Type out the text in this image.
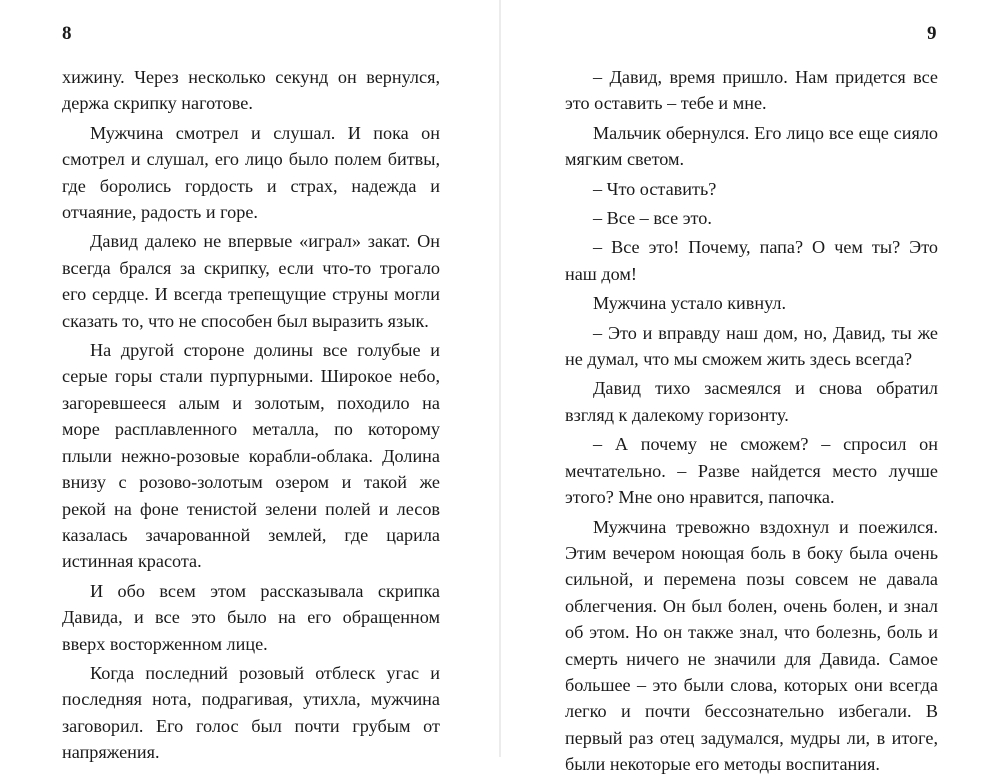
8

хижину. Через несколько секунд он вернулся, держа скрипку наготове.

Мужчина смотрел и слушал. И пока он смотрел и слушал, его лицо было полем битвы, где боролись гордость и страх, надежда и отчаяние, радость и горе.

Давид далеко не впервые «играл» закат. Он всегда брался за скрипку, если что-то трогало его сердце. И всегда трепещущие струны могли сказать то, что не способен был выразить язык.

На другой стороне долины все голубые и серые горы стали пурпурными. Широкое небо, загоревшееся алым и золотым, походило на море расплавленного металла, по которому плыли нежно-розовые корабли-облака. Долина внизу с розово-золотым озером и такой же рекой на фоне тенистой зелени полей и лесов казалась зачарованной землей, где царила истинная красота.

И обо всем этом рассказывала скрипка Давида, и все это было на его обращенном вверх восторженном лице.

Когда последний розовый отблеск угас и последняя нота, подрагивая, утихла, мужчина заговорил. Его голос был почти грубым от напряжения.

9

– Давид, время пришло. Нам придется все это оставить – тебе и мне.

Мальчик обернулся. Его лицо все еще сияло мягким светом.

– Что оставить?

– Все – все это.

– Все это! Почему, папа? О чем ты? Это наш дом!

Мужчина устало кивнул.

– Это и вправду наш дом, но, Давид, ты же не думал, что мы сможем жить здесь всегда?

Давид тихо засмеялся и снова обратил взгляд к далекому горизонту.

– А почему не сможем? – спросил он мечтательно. – Разве найдется место лучше этого? Мне оно нравится, папочка.

Мужчина тревожно вздохнул и поежился. Этим вечером ноющая боль в боку была очень сильной, и перемена позы совсем не давала облегчения. Он был болен, очень болен, и знал об этом. Но он также знал, что болезнь, боль и смерть ничего не значили для Давида. Самое большее – это были слова, которых они всегда легко и почти бессознательно избегали. В первый раз отец задумался, мудры ли, в итоге, были некоторые его методы воспитания.
